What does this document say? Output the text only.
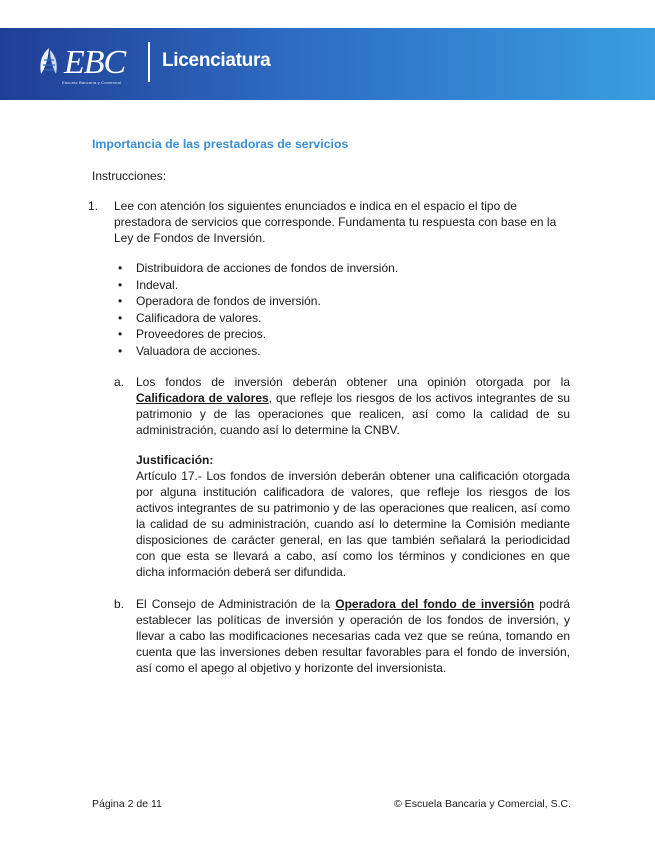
EBC
Escuela Bancaria y Comercial
Licenciatura
Importancia de las prestadoras de servicios
Instrucciones:
1. Lee con atención los siguientes enunciados e indica en el espacio el tipo de prestadora de servicios que corresponde. Fundamenta tu respuesta con base en la Ley de Fondos de Inversión.
• Distribuidora de acciones de fondos de inversión.
• Indeval.
• Operadora de fondos de inversión.
• Calificadora de valores.
• Proveedores de precios.
• Valuadora de acciones.
a. Los fondos de inversión deberán obtener una opinión otorgada por la Calificadora de valores, que refleje los riesgos de los activos integrantes de su patrimonio y de las operaciones que realicen, así como la calidad de su administración, cuando así lo determine la CNBV.
Justificación:
Artículo 17.- Los fondos de inversión deberán obtener una calificación otorgada por alguna institución calificadora de valores, que refleje los riesgos de los activos integrantes de su patrimonio y de las operaciones que realicen, así como la calidad de su administración, cuando así lo determine la Comisión mediante disposiciones de carácter general, en las que también señalará la periodicidad con que esta se llevará a cabo, así como los términos y condiciones en que dicha información deberá ser difundida.
b. El Consejo de Administración de la Operadora del fondo de inversión podrá establecer las políticas de inversión y operación de los fondos de inversión, y llevar a cabo las modificaciones necesarias cada vez que se reúna, tomando en cuenta que las inversiones deben resultar favorables para el fondo de inversión, así como el apego al objetivo y horizonte del inversionista.
Página 2 de 11	© Escuela Bancaria y Comercial, S.C.
